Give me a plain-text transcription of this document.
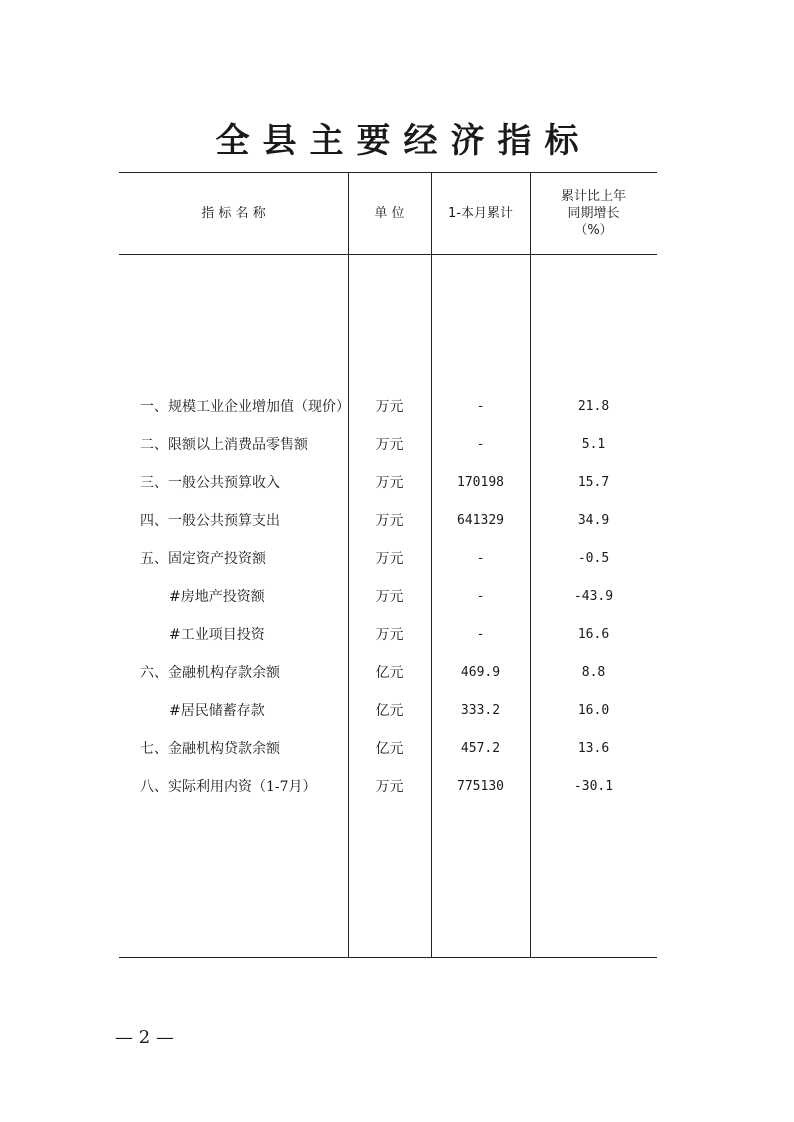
全县主要经济指标
指 标 名 称	单 位	1-本月累计
累计比上年
同期增长
（%）
一、规模工业企业增加值（现价）	万元	-	21.8
二、限额以上消费品零售额	万元	-	5.1
三、一般公共预算收入	万元	170198	15.7
四、一般公共预算支出	万元	641329	34.9
五、固定资产投资额	万元	-	-0.5
#房地产投资额	万元	-	-43.9
#工业项目投资	万元	-	16.6
六、金融机构存款余额	亿元	469.9	8.8
#居民储蓄存款	亿元	333.2	16.0
七、金融机构贷款余额	亿元	457.2	13.6
八、实际利用内资（1-7月）	万元	775130	-30.1
— 2 —
